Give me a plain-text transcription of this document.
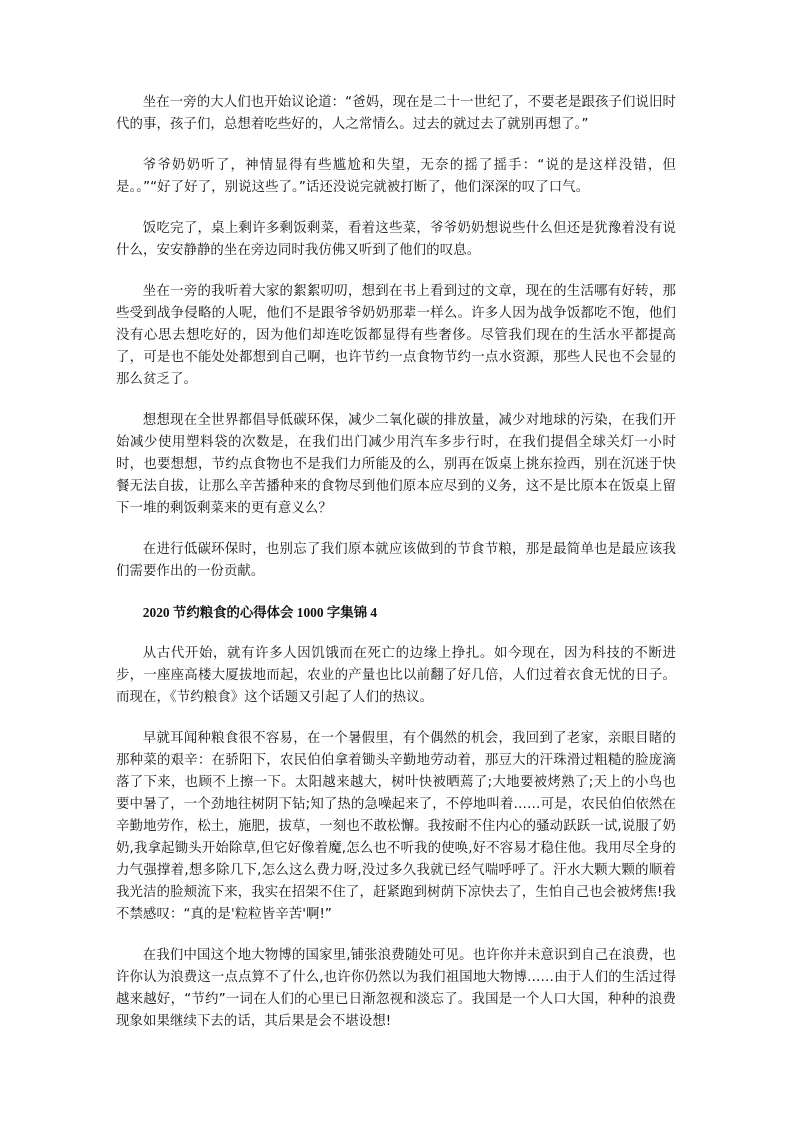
坐在一旁的大人们也开始议论道：“爸妈，现在是二十一世纪了，不要老是跟孩子们说旧时代的事，孩子们，总想着吃些好的，人之常情么。过去的就过去了就别再想了。”

爷爷奶奶听了，神情显得有些尴尬和失望，无奈的摇了摇手：“说的是这样没错，但是。。”“好了好了，别说这些了。”话还没说完就被打断了，他们深深的叹了口气。

饭吃完了，桌上剩许多剩饭剩菜，看着这些菜，爷爷奶奶想说些什么但还是犹豫着没有说什么，安安静静的坐在旁边同时我仿佛又听到了他们的叹息。

坐在一旁的我听着大家的絮絮叨叨，想到在书上看到过的文章，现在的生活哪有好转，那些受到战争侵略的人呢，他们不是跟爷爷奶奶那辈一样么。许多人因为战争饭都吃不饱，他们没有心思去想吃好的，因为他们却连吃饭都显得有些奢侈。尽管我们现在的生活水平都提高了，可是也不能处处都想到自己啊，也许节约一点食物节约一点水资源，那些人民也不会显的那么贫乏了。

想想现在全世界都倡导低碳环保，减少二氧化碳的排放量，减少对地球的污染，在我们开始减少使用塑料袋的次数是，在我们出门减少用汽车多步行时，在我们提倡全球关灯一小时时，也要想想，节约点食物也不是我们力所能及的么，别再在饭桌上挑东捡西，别在沉迷于快餐无法自拔，让那么辛苦播种来的食物尽到他们原本应尽到的义务，这不是比原本在饭桌上留下一堆的剩饭剩菜来的更有意义么？

在进行低碳环保时，也别忘了我们原本就应该做到的节食节粮，那是最简单也是最应该我们需要作出的一份贡献。

2020 节约粮食的心得体会 1000 字集锦 4

从古代开始，就有许多人因饥饿而在死亡的边缘上挣扎。如今现在，因为科技的不断进步，一座座高楼大厦拔地而起，农业的产量也比以前翻了好几倍，人们过着衣食无忧的日子。而现在，《节约粮食》这个话题又引起了人们的热议。

早就耳闻种粮食很不容易，在一个暑假里，有个偶然的机会，我回到了老家，亲眼目睹的那种菜的艰辛：在骄阳下，农民伯伯拿着锄头辛勤地劳动着，那豆大的汗珠滑过粗糙的脸庞滴落了下来，也顾不上擦一下。太阳越来越大，树叶快被晒蔫了;大地要被烤熟了;天上的小鸟也要中暑了，一个劲地往树阴下钻;知了热的急噪起来了，不停地叫着……可是，农民伯伯依然在辛勤地劳作，松土，施肥，拔草，一刻也不敢松懈。我按耐不住内心的骚动跃跃一试,说服了奶奶,我拿起锄头开始除草,但它好像着魔,怎么也不听我的使唤,好不容易才稳住他。我用尽全身的力气强撑着,想多除几下,怎么这么费力呀,没过多久我就已经气喘呼呼了。汗水大颗大颗的顺着我光洁的脸颊流下来，我实在招架不住了，赶紧跑到树荫下凉快去了，生怕自己也会被烤焦!我不禁感叹：“真的是'粒粒皆辛苦'啊!”

在我们中国这个地大物博的国家里,铺张浪费随处可见。也许你并未意识到自己在浪费，也许你认为浪费这一点点算不了什么,也许你仍然以为我们祖国地大物博……由于人们的生活过得越来越好，“节约”一词在人们的心里已日渐忽视和淡忘了。我国是一个人口大国，种种的浪费现象如果继续下去的话，其后果是会不堪设想!
